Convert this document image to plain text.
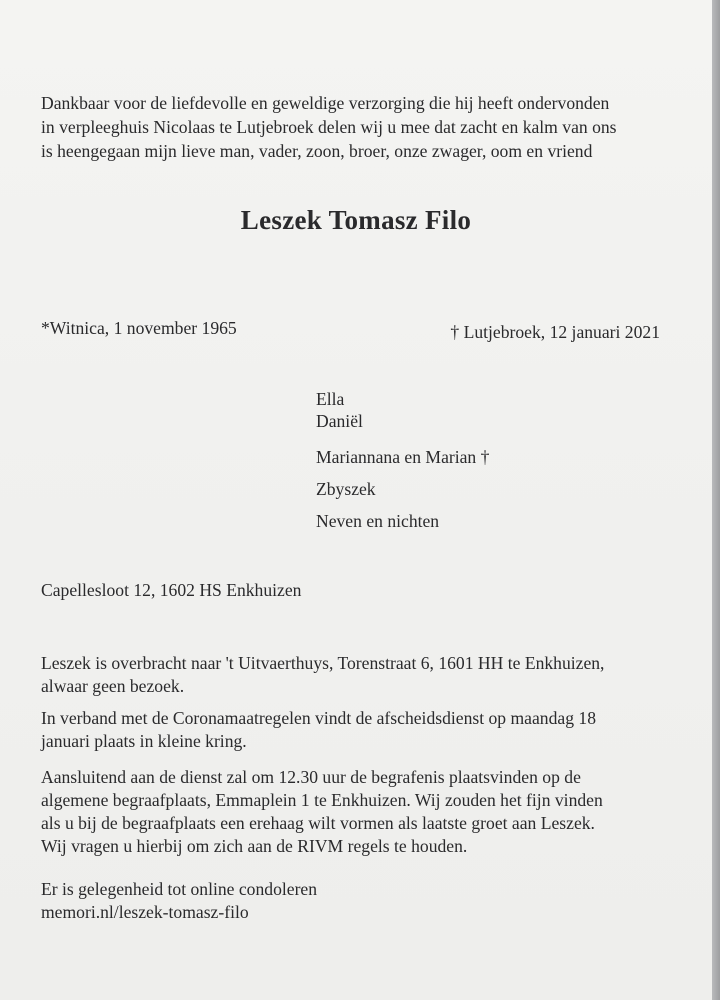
Dankbaar voor de liefdevolle en geweldige verzorging die hij heeft ondervonden
in verpleeghuis Nicolaas te Lutjebroek delen wij u mee dat zacht en kalm van ons
is heengegaan mijn lieve man, vader, zoon, broer, onze zwager, oom en vriend
Leszek Tomasz Filo
*Witnica, 1 november 1965	† Lutjebroek, 12 januari 2021
Ella
Daniël
Mariannana en Marian †
Zbyszek
Neven en nichten
Capellesloot 12, 1602 HS Enkhuizen
Leszek is overbracht naar 't Uitvaerthuys, Torenstraat 6, 1601 HH te Enkhuizen,
alwaar geen bezoek.
In verband met de Coronamaatregelen vindt de afscheidsdienst op maandag 18
januari plaats in kleine kring.
Aansluitend aan de dienst zal om 12.30 uur de begrafenis plaatsvinden op de
algemene begraafplaats, Emmaplein 1 te Enkhuizen. Wij zouden het fijn vinden
als u bij de begraafplaats een erehaag wilt vormen als laatste groet aan Leszek.
Wij vragen u hierbij om zich aan de RIVM regels te houden.
Er is gelegenheid tot online condoleren
memori.nl/leszek-tomasz-filo
